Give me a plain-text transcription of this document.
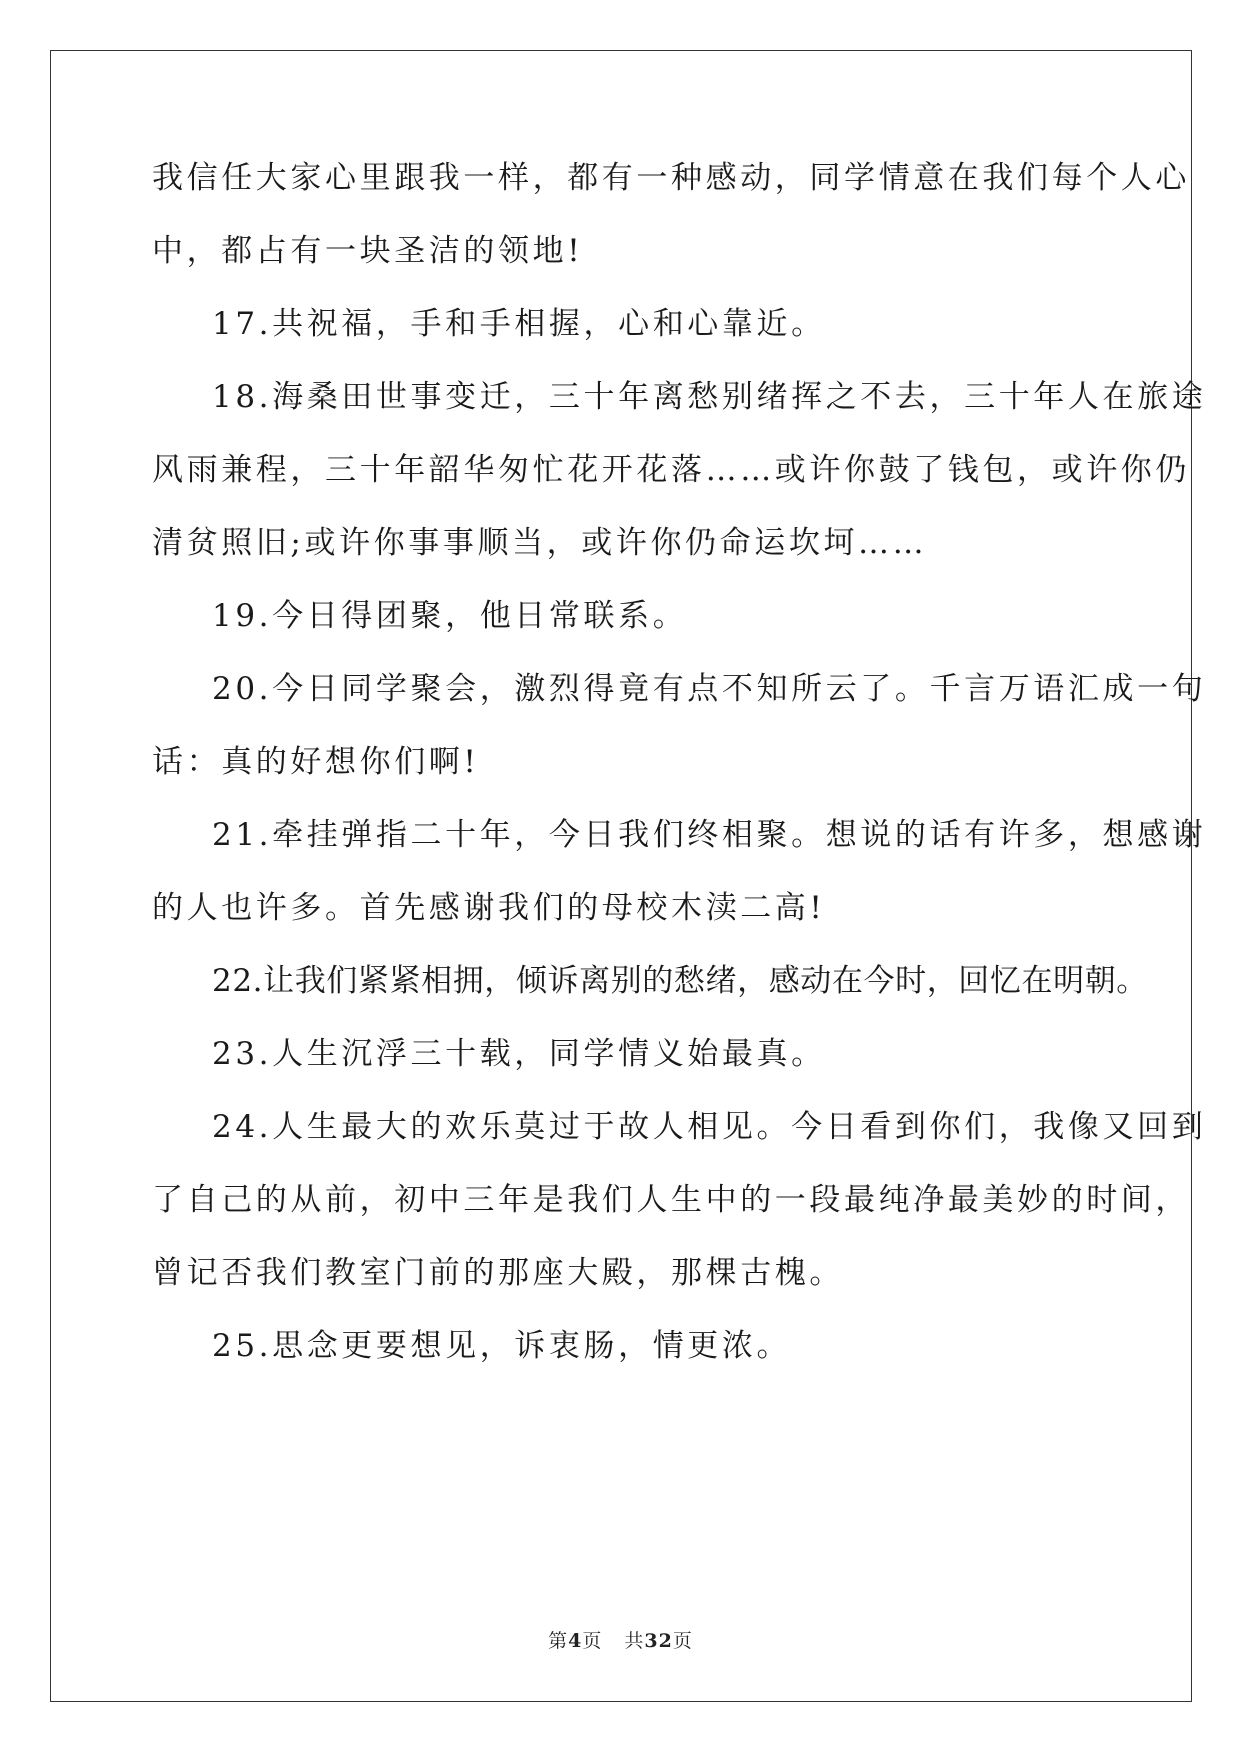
我信任大家心里跟我一样，都有一种感动，同学情意在我们每个人心
中，都占有一块圣洁的领地!
17.共祝福，手和手相握，心和心靠近。
18.海桑田世事变迁，三十年离愁别绪挥之不去，三十年人在旅途
风雨兼程，三十年韶华匆忙花开花落……或许你鼓了钱包，或许你仍
清贫照旧;或许你事事顺当，或许你仍命运坎坷……
19.今日得团聚，他日常联系。
20.今日同学聚会，激烈得竟有点不知所云了。千言万语汇成一句
话：真的好想你们啊!
21.牵挂弹指二十年，今日我们终相聚。想说的话有许多，想感谢
的人也许多。首先感谢我们的母校木渎二高!
22.让我们紧紧相拥，倾诉离别的愁绪，感动在今时，回忆在明朝。
23.人生沉浮三十载，同学情义始最真。
24.人生最大的欢乐莫过于故人相见。今日看到你们，我像又回到
了自己的从前，初中三年是我们人生中的一段最纯净最美妙的时间，
曾记否我们教室门前的那座大殿，那棵古槐。
25.思念更要想见，诉衷肠，情更浓。
第4页 共32页
